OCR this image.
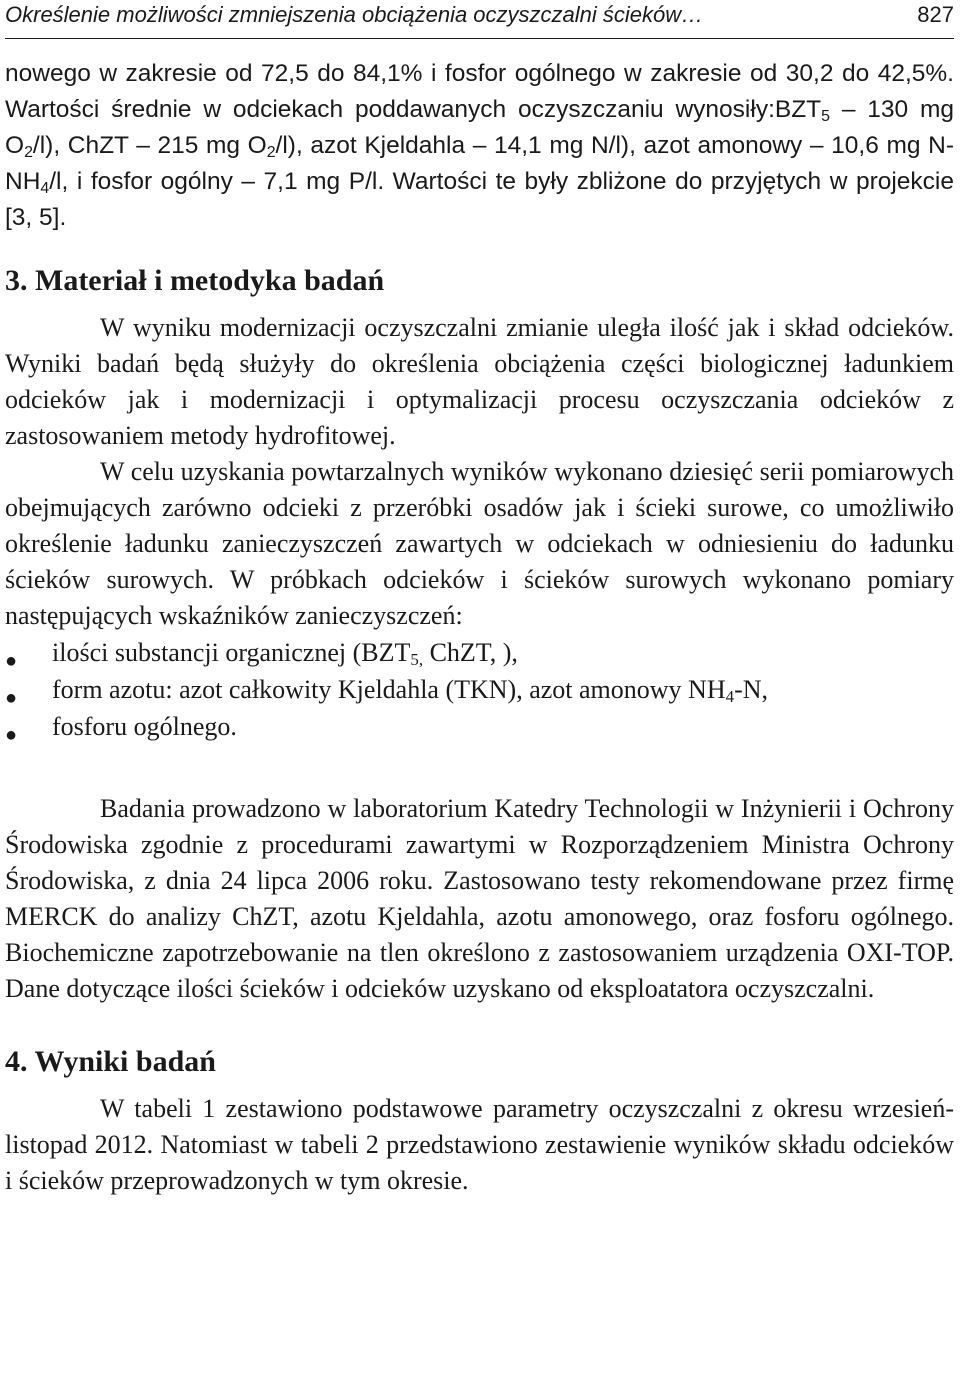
Określenie możliwości zmniejszenia obciążenia oczyszczalni ścieków…	827

nowego w zakresie od 72,5 do 84,1% i fosfor ogólnego w zakresie od 30,2 do 42,5%. Wartości średnie w odciekach poddawanych oczyszczaniu $wynosiły:BZT_5 - 130$ mg $O_2/l$), ChZT – 215 mg $O_2/l$), azot Kjeldahla – 14,1 mg N/l), azot amonowy – 10,6 mg $N-NH_4/l$, i fosfor ogólny – 7,1 mg P/l. Wartości te były zbliżone do przyjętych w projekcie [3, 5].

3. Materiał i metodyka badań

W wyniku modernizacji oczyszczalni zmianie uległa ilość jak i skład odcieków. Wyniki badań będą służyły do określenia obciążenia części biologicznej ładunkiem odcieków jak i modernizacji i optymalizacji procesu oczyszczania odcieków z zastosowaniem metody hydrofitowej.

W celu uzyskania powtarzalnych wyników wykonano dziesięć serii pomiarowych obejmujących zarówno odcieki z przeróbki osadów jak i ścieki surowe, co umożliwiło określenie ładunku zanieczyszczeń zawartych w odciekach w odniesieniu do ładunku ścieków surowych. W próbkach odcieków i ścieków surowych wykonano pomiary następujących wskaźników zanieczyszczeń:

● ilości substancji organicznej ($BZT_{5,}$ ChZT, ),
● form azotu: azot całkowity Kjeldahla (TKN), azot amonowy $NH_4-N$,
● fosforu ogólnego.

Badania prowadzono w laboratorium Katedry Technologii w Inżynierii i Ochrony Środowiska zgodnie z procedurami zawartymi w Rozporządzeniem Ministra Ochrony Środowiska, z dnia 24 lipca 2006 roku. Zastosowano testy rekomendowane przez firmę MERCK do analizy ChZT, azotu Kjeldahla, azotu amonowego, oraz fosforu ogólnego. Biochemiczne zapotrzebowanie na tlen określono z zastosowaniem urządzenia OXI-TOP. Dane dotyczące ilości ścieków i odcieków uzyskano od eksploatatora oczyszczalni.

4. Wyniki badań

W tabeli 1 zestawiono podstawowe parametry oczyszczalni z okresu wrzesień-listopad 2012. Natomiast w tabeli 2 przedstawiono zestawienie wyników składu odcieków i ścieków przeprowadzonych w tym okresie.
